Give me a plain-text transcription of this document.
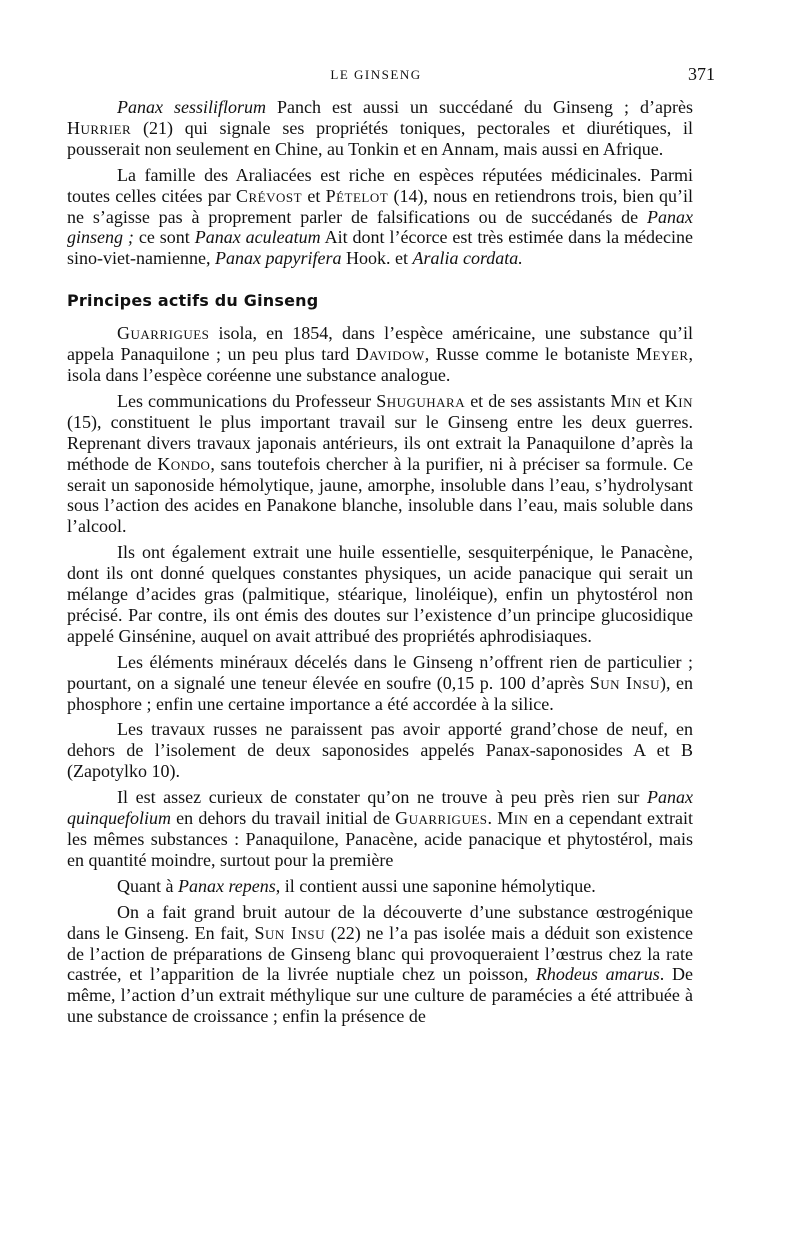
LE GINSENG	371

Panax sessiliflorum Panch est aussi un succédané du Ginseng ; d’après Hurrier (21) qui signale ses propriétés toniques, pectorales et diurétiques, il pousserait non seulement en Chine, au Tonkin et en Annam, mais aussi en Afrique.

La famille des Araliacées est riche en espèces réputées médicinales. Parmi toutes celles citées par Crévost et Pételot (14), nous en retiendrons trois, bien qu’il ne s’agisse pas à proprement parler de falsifications ou de succédanés de Panax ginseng ; ce sont Panax aculeatum Ait dont l’écorce est très estimée dans la médecine sino-viet-namienne, Panax papyrifera Hook. et Aralia cordata.

Principes actifs du Ginseng

Guarrigues isola, en 1854, dans l’espèce américaine, une substance qu’il appela Panaquilone ; un peu plus tard Davidow, Russe comme le botaniste Meyer, isola dans l’espèce coréenne une substance analogue.

Les communications du Professeur Shuguhara et de ses assistants Min et Kin (15), constituent le plus important travail sur le Ginseng entre les deux guerres. Reprenant divers travaux japonais antérieurs, ils ont extrait la Panaquilone d’après la méthode de Kondo, sans toutefois chercher à la purifier, ni à préciser sa formule. Ce serait un saponoside hémolytique, jaune, amorphe, insoluble dans l’eau, s’hydrolysant sous l’action des acides en Panakone blanche, insoluble dans l’eau, mais soluble dans l’alcool.

Ils ont également extrait une huile essentielle, sesquiterpénique, le Panacène, dont ils ont donné quelques constantes physiques, un acide panacique qui serait un mélange d’acides gras (palmitique, stéarique, linoléique), enfin un phytostérol non précisé. Par contre, ils ont émis des doutes sur l’existence d’un principe glucosidique appelé Ginsénine, auquel on avait attribué des propriétés aphrodisiaques.

Les éléments minéraux décelés dans le Ginseng n’offrent rien de particulier ; pourtant, on a signalé une teneur élevée en soufre (0,15 p. 100 d’après Sun Insu), en phosphore ; enfin une certaine importance a été accordée à la silice.

Les travaux russes ne paraissent pas avoir apporté grand’chose de neuf, en dehors de l’isolement de deux saponosides appelés Panax-saponosides A et B (Zapotylko 10).

Il est assez curieux de constater qu’on ne trouve à peu près rien sur Panax quinquefolium en dehors du travail initial de Guarrigues. Min en a cependant extrait les mêmes substances : Panaquilone, Panacène, acide panacique et phytostérol, mais en quantité moindre, surtout pour la première

Quant à Panax repens, il contient aussi une saponine hémolytique.

On a fait grand bruit autour de la découverte d’une substance œstrogénique dans le Ginseng. En fait, Sun Insu (22) ne l’a pas isolée mais a déduit son existence de l’action de préparations de Ginseng blanc qui provoqueraient l’œstrus chez la rate castrée, et l’apparition de la livrée nuptiale chez un poisson, Rhodeus amarus. De même, l’action d’un extrait méthylique sur une culture de paramécies a été attribuée à une substance de croissance ; enfin la présence de
